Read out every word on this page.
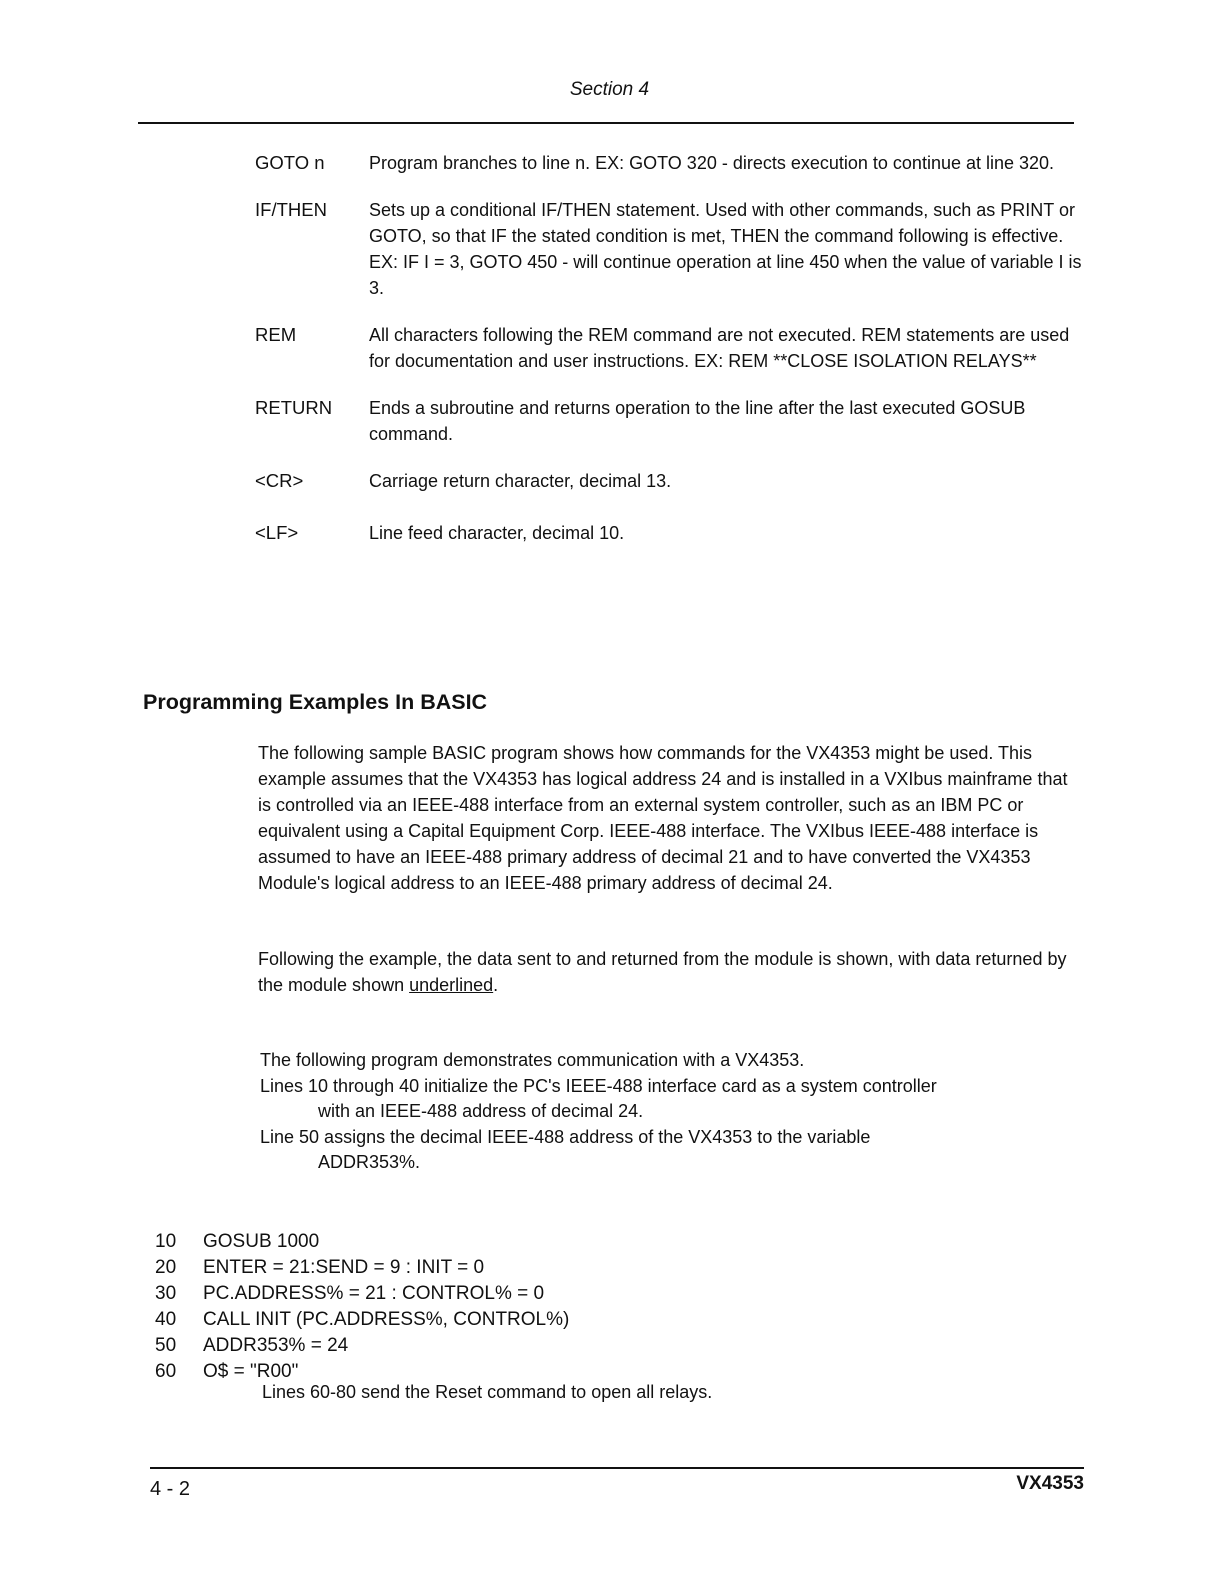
Section 4
GOTO n	Program branches to line n. EX: GOTO 320 - directs execution to continue at line 320.
IF/THEN	Sets up a conditional IF/THEN statement. Used with other commands, such as PRINT or GOTO, so that IF the stated condition is met, THEN the command following is effective. EX: IF I = 3, GOTO 450 - will continue operation at line 450 when the value of variable I is 3.
REM	All characters following the REM command are not executed. REM statements are used for documentation and user instructions. EX: REM **CLOSE ISOLATION RELAYS**
RETURN	Ends a subroutine and returns operation to the line after the last executed GOSUB command.
<CR>	Carriage return character, decimal 13.
<LF>	Line feed character, decimal 10.
Programming Examples In BASIC
The following sample BASIC program shows how commands for the VX4353 might be used. This example assumes that the VX4353 has logical address 24 and is installed in a VXIbus mainframe that is controlled via an IEEE-488 interface from an external system controller, such as an IBM PC or equivalent using a Capital Equipment Corp. IEEE-488 interface. The VXIbus IEEE-488 interface is assumed to have an IEEE-488 primary address of decimal 21 and to have converted the VX4353 Module's logical address to an IEEE-488 primary address of decimal 24.
Following the example, the data sent to and returned from the module is shown, with data returned by the module shown underlined.
The following program demonstrates communication with a VX4353.
Lines 10 through 40 initialize the PC's IEEE-488 interface card as a system controller
with an IEEE-488 address of decimal 24.
Line 50 assigns the decimal IEEE-488 address of the VX4353 to the variable
ADDR353%.
10	GOSUB 1000
20	ENTER = 21:SEND = 9 : INIT = 0
30	PC.ADDRESS% = 21 : CONTROL% = 0
40	CALL INIT (PC.ADDRESS%, CONTROL%)
50	ADDR353% = 24
60	O$ = "R00"
Lines 60-80 send the Reset command to open all relays.
4 - 2	VX4353
